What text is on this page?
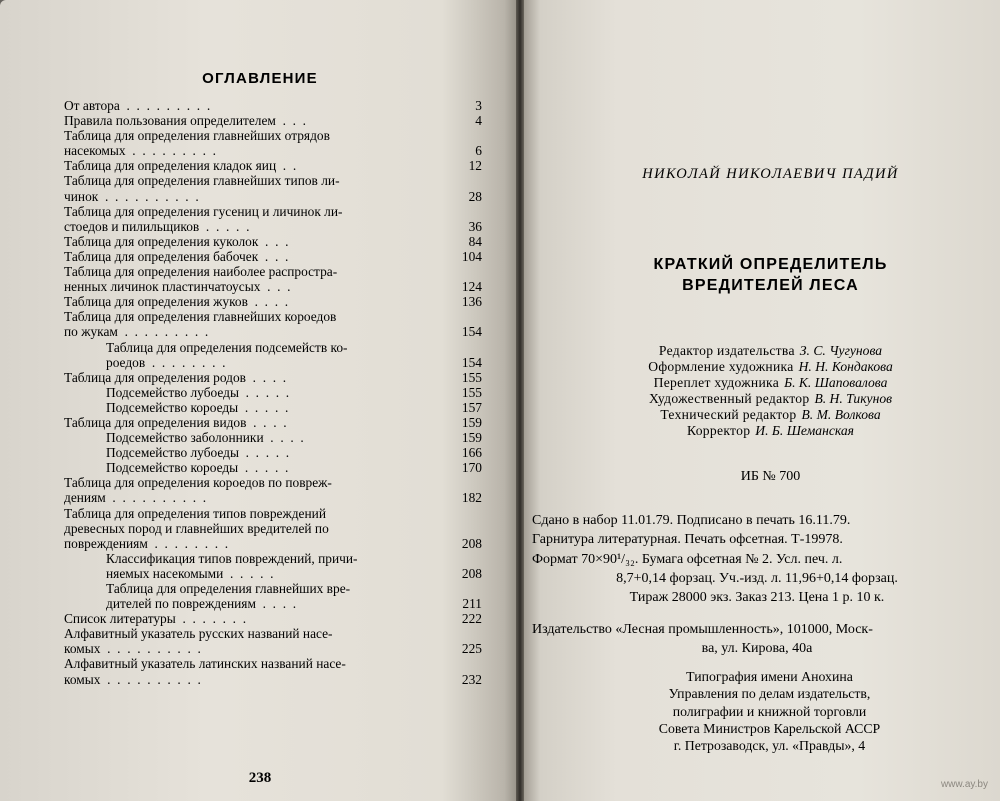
ОГЛАВЛЕНИЕ
От автора  .  .  .  .  .  .  .  .  .	3
Правила пользования определителем  .  .  .	4
Таблица для определения главнейших отрядов
насекомых  .  .  .  .  .  .  .  .  .	6
Таблица для определения кладок яиц  .  .	12
Таблица для определения главнейших типов ли-
чинок  .  .  .  .  .  .  .  .  .  .	28
Таблица для определения гусениц и личинок ли-
стоедов и пилильщиков  .  .  .  .  .	36
Таблица для определения куколок  .  .  .	84
Таблица для определения бабочек  .  .  .	104
Таблица для определения наиболее распростра-
ненных личинок пластинчатоусых  .  .  .	124
Таблица для определения жуков  .  .  .  .	136
Таблица для определения главнейших короедов
по жукам  .  .  .  .  .  .  .  .  .	154
Таблица для определения подсемейств ко-
роедов  .  .  .  .  .  .  .  .	154
Таблица для определения родов  .  .  .  .	155
Подсемейство лубоеды  .  .  .  .  .	155
Подсемейство короеды  .  .  .  .  .	157
Таблица для определения видов  .  .  .  .	159
Подсемейство заболонники  .  .  .  .	159
Подсемейство лубоеды  .  .  .  .  .	166
Подсемейство короеды  .  .  .  .  .	170
Таблица для определения короедов по повреж-
дениям  .  .  .  .  .  .  .  .  .  .	182
Таблица для определения типов повреждений
древесных пород и главнейших вредителей по
повреждениям  .  .  .  .  .  .  .  .	208
Классификация типов повреждений, причи-
няемых насекомыми  .  .  .  .  .	208
Таблица для определения главнейших вре-
дителей по повреждениям  .  .  .  .	211
Список литературы  .  .  .  .  .  .  .	222
Алфавитный указатель русских названий насе-
комых  .  .  .  .  .  .  .  .  .  .	225
Алфавитный указатель латинских названий насе-
комых  .  .  .  .  .  .  .  .  .  .	232
238
НИКОЛАЙ НИКОЛАЕВИЧ ПАДИЙ
КРАТКИЙ ОПРЕДЕЛИТЕЛЬ
ВРЕДИТЕЛЕЙ ЛЕСА
Редактор издательства З. С. Чугунова
Оформление художника Н. Н. Кондакова
Переплет художника Б. К. Шаповалова
Художественный редактор В. Н. Тикунов
Технический редактор В. М. Волкова
Корректор И. Б. Шеманская
ИБ № 700
Сдано в набор 11.01.79. Подписано в печать 16.11.79.
Гарнитура литературная. Печать офсетная. Т-19978.
Формат 70×90¹/₃₂. Бумага офсетная № 2. Усл. печ. л.
8,7+0,14 форзац. Уч.-изд. л. 11,96+0,14 форзац.
Тираж 28000 экз. Заказ 213. Цена 1 р. 10 к.
Издательство «Лесная промышленность», 101000, Моск-
ва, ул. Кирова, 40а
Типография имени Анохина
Управления по делам издательств,
полиграфии и книжной торговли
Совета Министров Карельской АССР
г. Петрозаводск, ул. «Правды», 4
www.ay.by
